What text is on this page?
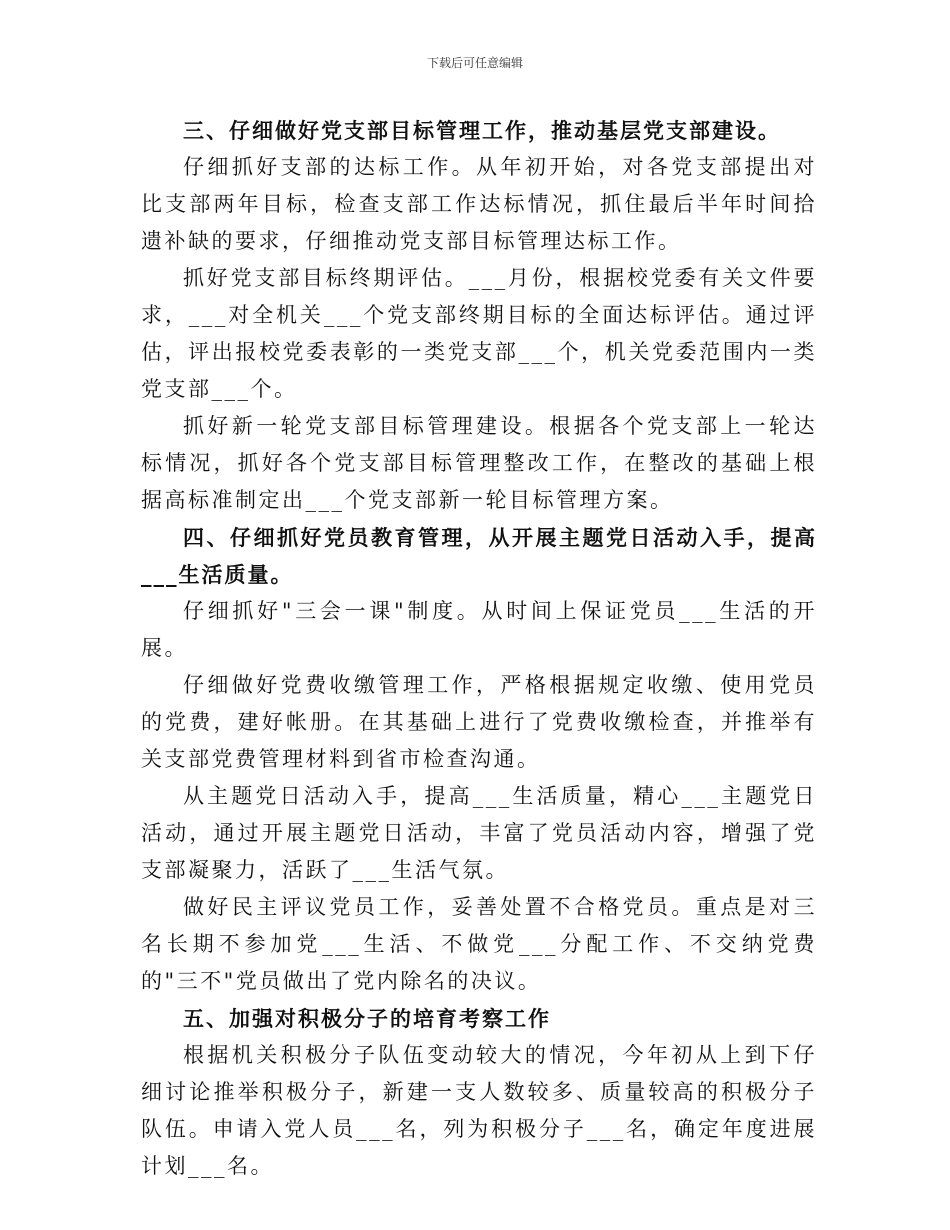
下载后可任意编辑

三、仔细做好党支部目标管理工作，推动基层党支部建设。

仔细抓好支部的达标工作。从年初开始，对各党支部提出对比支部两年目标，检查支部工作达标情况，抓住最后半年时间拾遗补缺的要求，仔细推动党支部目标管理达标工作。

抓好党支部目标终期评估。___月份，根据校党委有关文件要求，___对全机关___个党支部终期目标的全面达标评估。通过评估，评出报校党委表彰的一类党支部___个，机关党委范围内一类党支部___个。

抓好新一轮党支部目标管理建设。根据各个党支部上一轮达标情况，抓好各个党支部目标管理整改工作，在整改的基础上根据高标准制定出___个党支部新一轮目标管理方案。

四、仔细抓好党员教育管理，从开展主题党日活动入手，提高___生活质量。

仔细抓好"三会一课"制度。从时间上保证党员___生活的开展。

仔细做好党费收缴管理工作，严格根据规定收缴、使用党员的党费，建好帐册。在其基础上进行了党费收缴检查，并推举有关支部党费管理材料到省市检查沟通。

从主题党日活动入手，提高___生活质量，精心___主题党日活动，通过开展主题党日活动，丰富了党员活动内容，增强了党支部凝聚力，活跃了___生活气氛。

做好民主评议党员工作，妥善处置不合格党员。重点是对三名长期不参加党___生活、不做党___分配工作、不交纳党费的"三不"党员做出了党内除名的决议。

五、加强对积极分子的培育考察工作

根据机关积极分子队伍变动较大的情况，今年初从上到下仔细讨论推举积极分子，新建一支人数较多、质量较高的积极分子队伍。申请入党人员___名，列为积极分子___名，确定年度进展计划___名。
